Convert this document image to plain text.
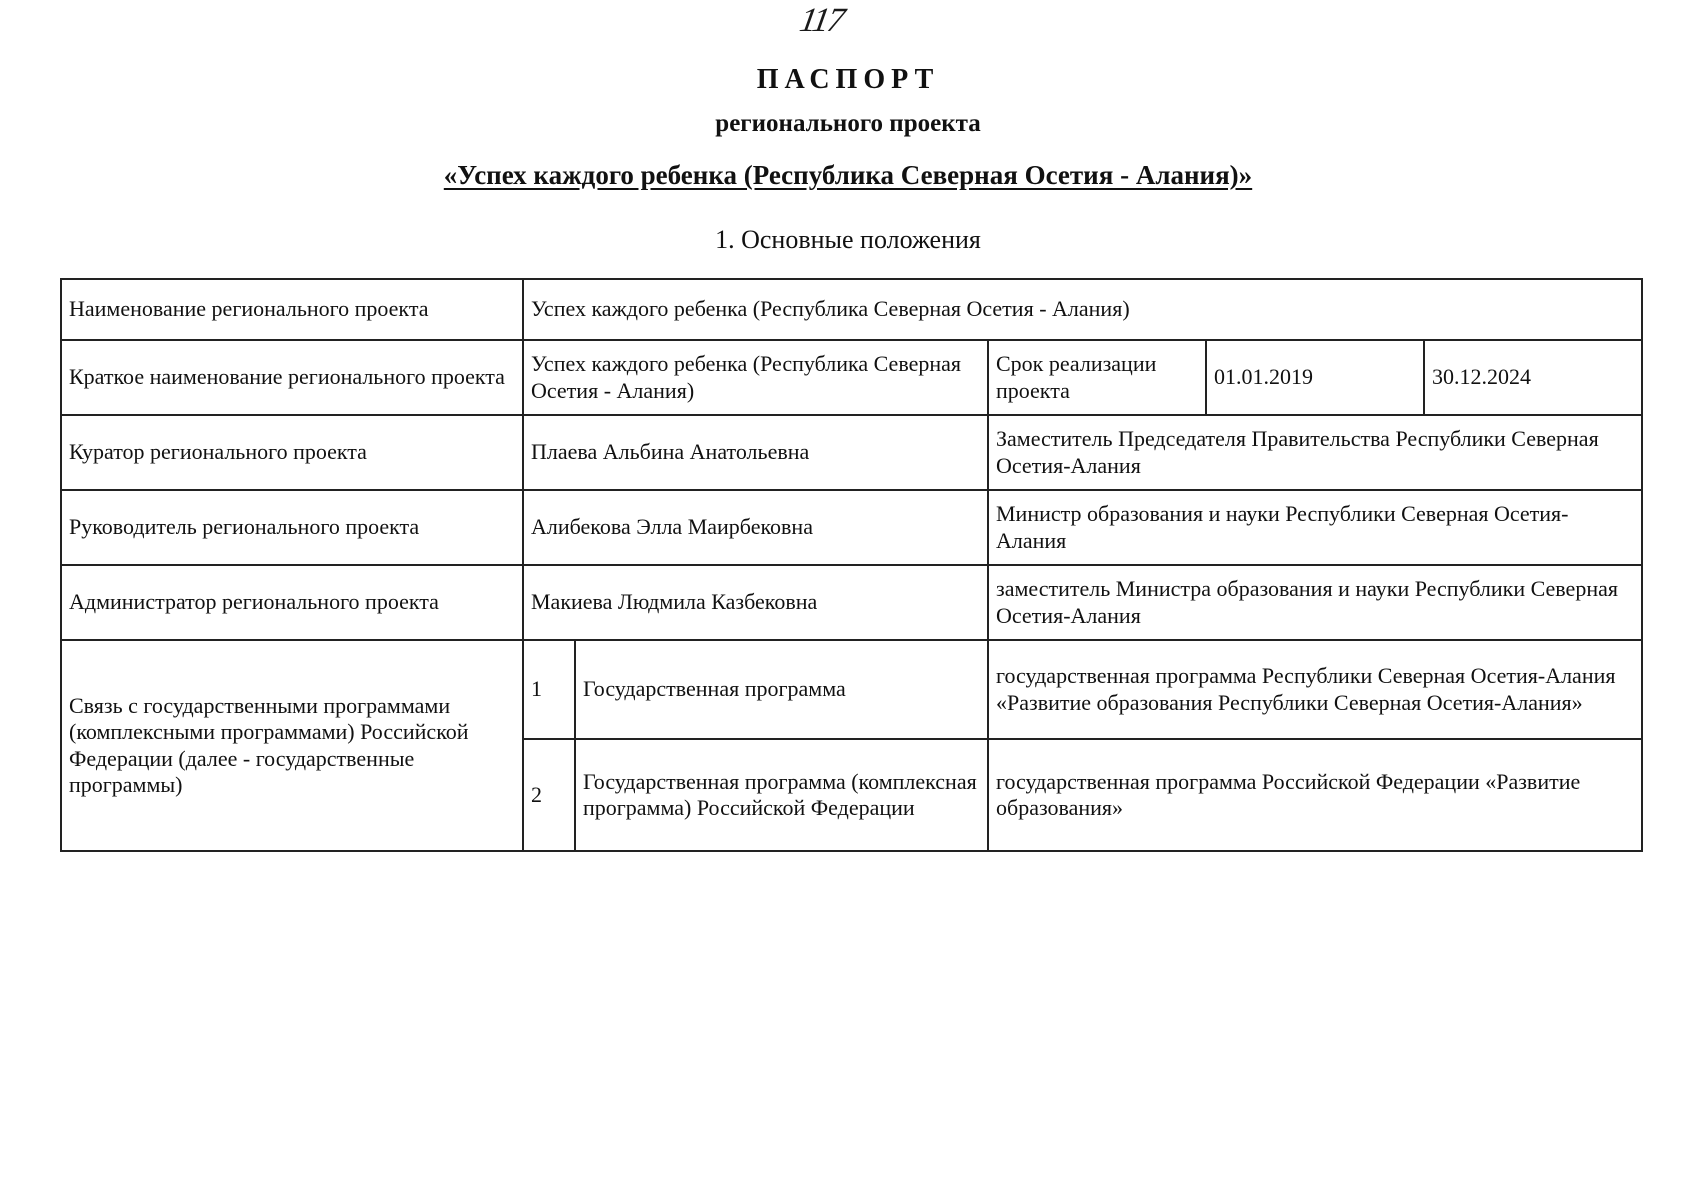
117
ПАСПОРТ
регионального проекта
«Успех каждого ребенка (Республика Северная Осетия - Алания)»
1. Основные положения
Наименование регионального проекта	Успех каждого ребенка (Республика Северная Осетия - Алания)				
Краткое наименование регионального проекта	Успех каждого ребенка (Республика Северная Осетия - Алания)		Срок реализации проекта	01.01.2019	30.12.2024
Куратор регионального проекта	Плаева Альбина Анатольевна		Заместитель Председателя Правительства Республики Северная Осетия-Алания		
Руководитель регионального проекта	Алибекова Элла Маирбековна		Министр образования и науки Республики Северная Осетия-Алания		
Администратор регионального проекта	Макиева Людмила Казбековна		заместитель Министра образования и науки Республики Северная Осетия-Алания		
Связь с государственными программами (комплексными программами) Российской Федерации (далее - государственные программы)	1	Государственная программа	государственная программа Республики Северная Осетия-Алания «Развитие образования Республики Северная Осетия-Алания»		
	2	Государственная программа (комплексная программа) Российской Федерации	государственная программа Российской Федерации «Развитие образования»		
